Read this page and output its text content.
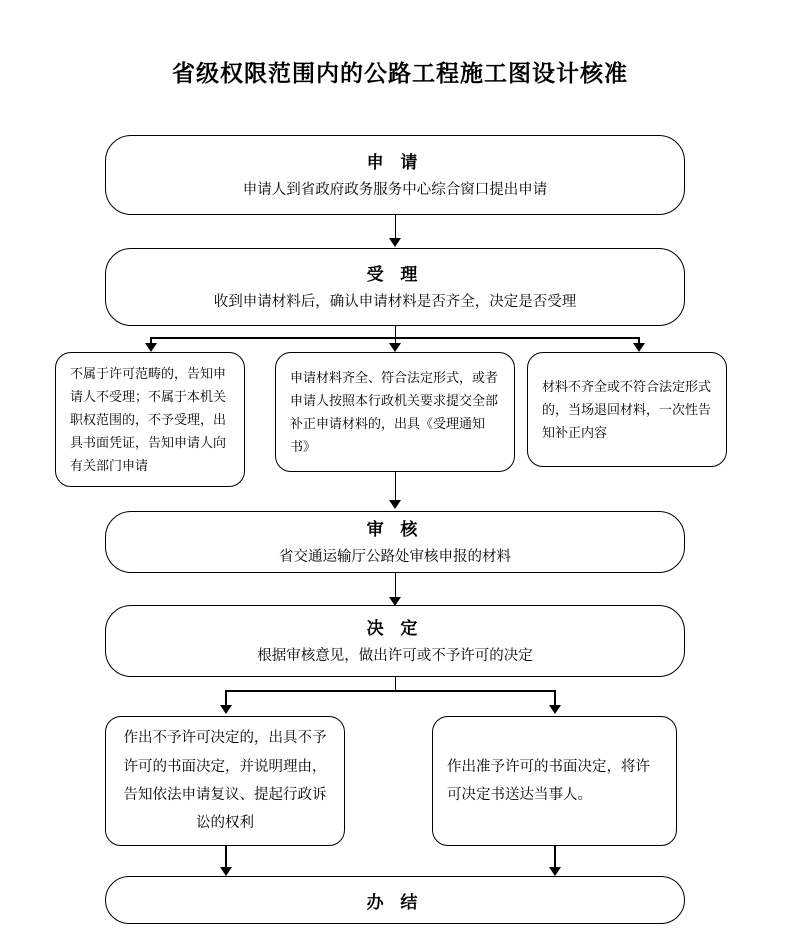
省级权限范围内的公路工程施工图设计核准
申 请
申请人到省政府政务服务中心综合窗口提出申请
受 理
收到申请材料后，确认申请材料是否齐全，决定是否受理
不属于许可范畴的，告知申请人不受理；不属于本机关职权范围的，不予受理，出具书面凭证，告知申请人向有关部门申请
申请材料齐全、符合法定形式，或者申请人按照本行政机关要求提交全部补正申请材料的，出具《受理通知书》
材料不齐全或不符合法定形式的，当场退回材料，一次性告知补正内容
审 核
省交通运输厅公路处审核申报的材料
决 定
根据审核意见，做出许可或不予许可的决定
作出不予许可决定的，出具不予许可的书面决定，并说明理由，告知依法申请复议、提起行政诉讼的权利
作出准予许可的书面决定，将许可决定书送达当事人。
办 结
